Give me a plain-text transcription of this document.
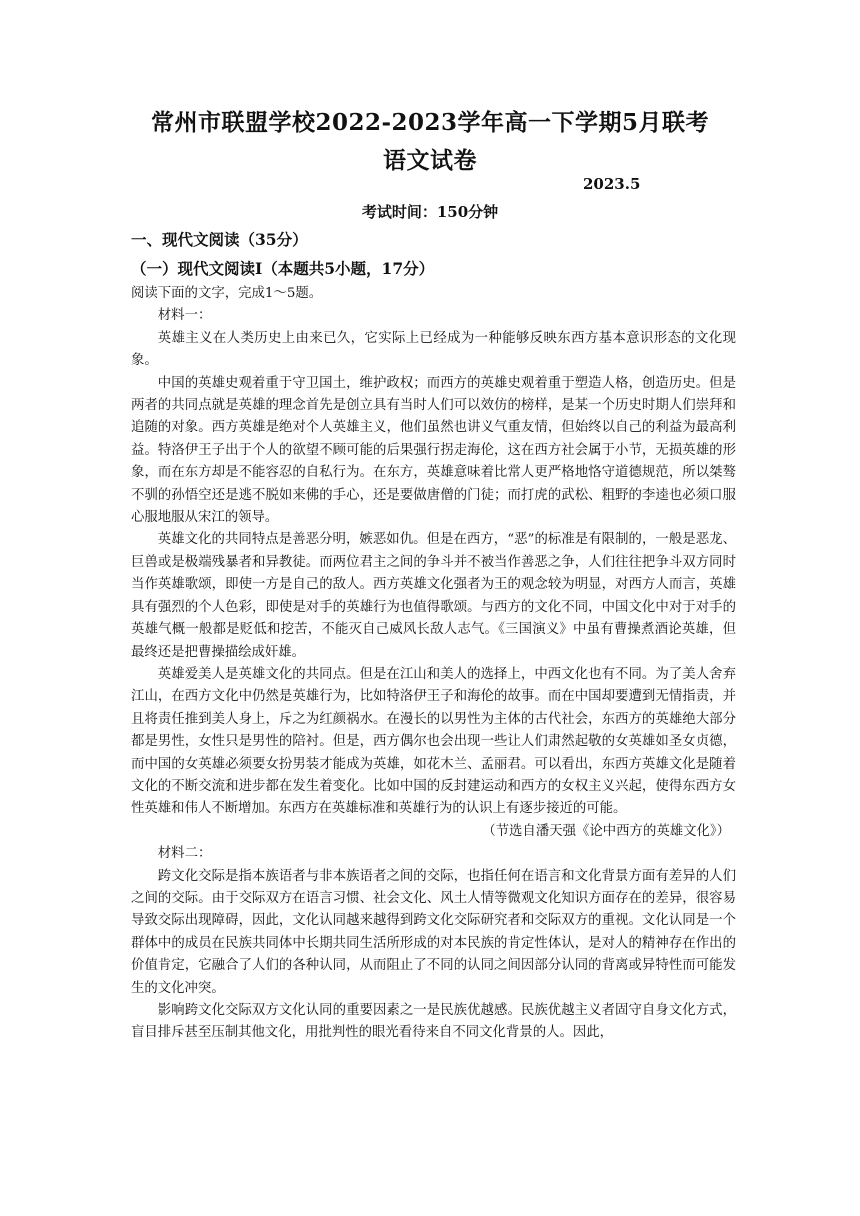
常州市联盟学校2022-2023学年高一下学期5月联考
语文试卷
2023.5
考试时间：150分钟
一、现代文阅读（35分）
（一）现代文阅读Ⅰ（本题共5小题，17分）

阅读下面的文字，完成1～5题。

材料一：

英雄主义在人类历史上由来已久，它实际上已经成为一种能够反映东西方基本意识形态的文化现象。

中国的英雄史观着重于守卫国土，维护政权；而西方的英雄史观着重于塑造人格，创造历史。但是两者的共同点就是英雄的理念首先是创立具有当时人们可以效仿的榜样，是某一个历史时期人们崇拜和追随的对象。西方英雄是绝对个人英雄主义，他们虽然也讲义气重友情，但始终以自己的利益为最高利益。特洛伊王子出于个人的欲望不顾可能的后果强行拐走海伦，这在西方社会属于小节，无损英雄的形象，而在东方却是不能容忍的自私行为。在东方，英雄意味着比常人更严格地恪守道德规范，所以桀骜不驯的孙悟空还是逃不脱如来佛的手心，还是要做唐僧的门徒；而打虎的武松、粗野的李逵也必须口服心服地服从宋江的领导。

英雄文化的共同特点是善恶分明，嫉恶如仇。但是在西方，“恶”的标准是有限制的，一般是恶龙、巨兽或是极端残暴者和异教徒。而两位君主之间的争斗并不被当作善恶之争，人们往往把争斗双方同时当作英雄歌颂，即使一方是自己的敌人。西方英雄文化强者为王的观念较为明显，对西方人而言，英雄具有强烈的个人色彩，即使是对手的英雄行为也值得歌颂。与西方的文化不同，中国文化中对于对手的英雄气概一般都是贬低和挖苦，不能灭自己威风长敌人志气。《三国演义》中虽有曹操煮酒论英雄，但最终还是把曹操描绘成奸雄。

英雄爱美人是英雄文化的共同点。但是在江山和美人的选择上，中西文化也有不同。为了美人舍弃江山，在西方文化中仍然是英雄行为，比如特洛伊王子和海伦的故事。而在中国却要遭到无情指责，并且将责任推到美人身上，斥之为红颜祸水。在漫长的以男性为主体的古代社会，东西方的英雄绝大部分都是男性，女性只是男性的陪衬。但是，西方偶尔也会出现一些让人们肃然起敬的女英雄如圣女贞德，而中国的女英雄必须要女扮男装才能成为英雄，如花木兰、孟丽君。可以看出，东西方英雄文化是随着文化的不断交流和进步都在发生着变化。比如中国的反封建运动和西方的女权主义兴起，使得东西方女性英雄和伟人不断增加。东西方在英雄标准和英雄行为的认识上有逐步接近的可能。

（节选自潘天强《论中西方的英雄文化》）

材料二：

跨文化交际是指本族语者与非本族语者之间的交际，也指任何在语言和文化背景方面有差异的人们之间的交际。由于交际双方在语言习惯、社会文化、风土人情等微观文化知识方面存在的差异，很容易导致交际出现障碍，因此，文化认同越来越得到跨文化交际研究者和交际双方的重视。文化认同是一个群体中的成员在民族共同体中长期共同生活所形成的对本民族的肯定性体认，是对人的精神存在作出的价值肯定，它融合了人们的各种认同，从而阻止了不同的认同之间因部分认同的背离或异特性而可能发生的文化冲突。

影响跨文化交际双方文化认同的重要因素之一是民族优越感。民族优越主义者固守自身文化方式，盲目排斥甚至压制其他文化，用批判性的眼光看待来自不同文化背景的人。因此，
